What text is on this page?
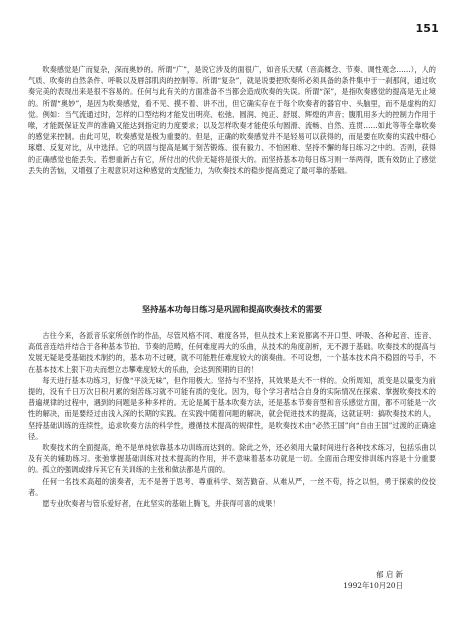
151

吹奏感觉是广而复杂，深而奥妙的。所谓“广”，是说它涉及的面很广，如音乐天赋（音高概念、节奏、调性观念……），人的气质、吹奏的自然条件、呼吸以及唇部肌肉的控制等。所谓“复杂”，就是说要把吹奏所必须具备的条件集中于一刹那间，通过吹奏完美的表现出来是很不容易的。任何与此有关的方面准备不当都会造成吹奏的失误。所谓“深”，是指吹奏感觉的提高是无止境的。所谓“奥妙”，是因为吹奏感觉，看不见、摸不着、讲不出，但它确实存在于每个吹奏者的器官中、头脑里，而不是虚构的幻觉。例如：当气流通过时，怎样的口型结构才能发出明亮、松弛、圆润、纯正、舒展、辉煌的声音；腹肌用多大的控制力作用于喉，才能既保证发声的准确又能达到指定的力度要求；以及怎样吹奏才能使乐句圆滑、流畅、自然、连贯……如此等等全靠吹奏的感觉来控制。由此可见，吹奏感觉是极为重要的。但是，正确的吹奏感觉并不是轻易可以获得的，而是要在吹奏的实践中细心琢磨、反复对比，从中选择。它的巩固与提高是属于刻苦锻炼、很有毅力、不怕困难、坚持不懈的每日练习之中的。否则，获得的正确感觉也能丢失。若想重新占有它，所付出的代价无疑将是很大的。而坚持基本功每日练习则一举两得，既有效防止了感觉丢失的苦恼，又增强了主观意识对这种感觉的支配能力，为吹奏技术的稳步提高奠定了最可靠的基础。

坚持基本功每日练习是巩固和提高吹奏技术的需要

古往今来，各派音乐家所创作的作品，尽管风格不同、难度各异，但从技术上来说都离不开口型、呼吸、各种起音、连音、高低音连结并结合于各种基本节拍、节奏的范畴，任何难度再大的乐曲，从技术的角度剖析，无不源于基础。吹奏技术的提高与发展无疑是受基础技术制约的，基本功不过硬，就不可能胜任难度较大的演奏曲。不可设想，一个基本技术尚不稳固的号手，不在基本技术上狠下功夫而想立志攀难度较大的乐曲，会达到预期的目的！

每天进行基本功练习，好像“平淡无味”，但作用极大。坚持与不坚持，其效果是大不一样的。众所周知，质变是以量变为前提的，没有千日万次日积月累的刻苦练习就不可能有质的变化。因为，每个学习者结合自身的实际情况在探索、掌握吹奏技术的普遍规律的过程中，遇到的问题是多种多样的。无论是属于基本吹奏方法，还是基本节奏音型和音乐感觉方面，都不可能是一次性的解决，而是要经过由浅入深的长期的实践。在实践中随着问题的解决，就会促进技术的提高，这就证明：搞吹奏技术的人，坚持基础训练的连续性，追求吹奏方法的科学性，遵循技术提高的规律性，是吹奏技术由“必然王国”向“自由王国”过渡的正确途径。

吹奏技术的全面提高，绝不是单纯依靠基本功训练而达到的。除此之外，还必须用大量时间进行各种技术练习，包括乐曲以及有关的辅助练习。张弛掌握基础训练对技术提高的作用，并不意味着基本功就是一切。全面而合理安排训练内容是十分重要的。孤立的强调或排斥其它有关训练的主张和做法都是片面的。

任何一名技术高超的演奏者，无不是善于思考、尊重科学、刻苦勤奋、从难从严，一丝不苟，持之以恒，勇于探索的佼佼者。

愿专业吹奏者与管乐爱好者，在此坚实的基础上腾飞，并获得可喜的成果！

郁 启 新
1992年10月20日
